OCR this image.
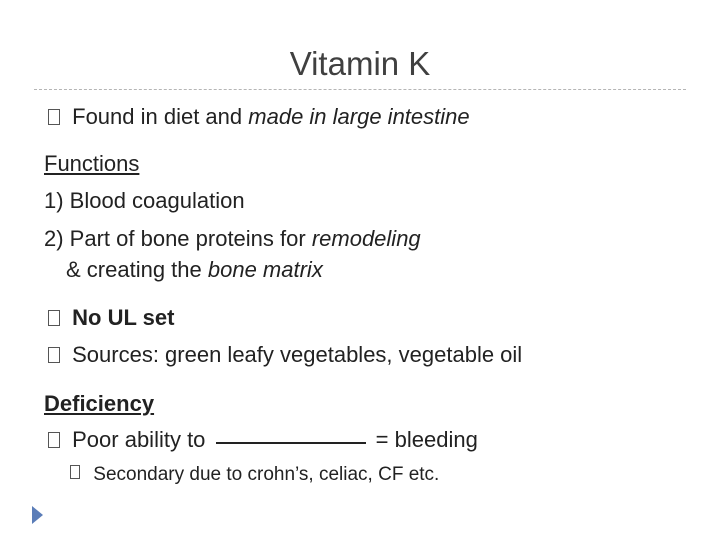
Vitamin K
Found in diet and made in large intestine
Functions
1) Blood coagulation
2) Part of bone proteins for remodeling
& creating the bone matrix
No UL set
Sources: green leafy vegetables, vegetable oil
Deficiency
Poor ability to	= bleeding
Secondary due to crohn’s, celiac, CF etc.
